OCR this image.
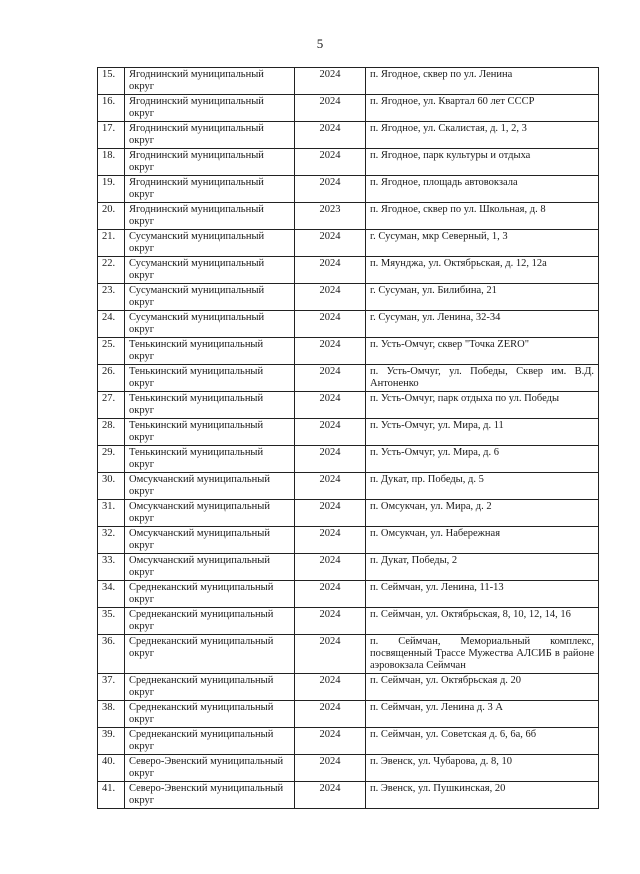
5
15.	Ягоднинский муниципальный округ	2024	п. Ягодное, сквер по ул. Ленина
16.	Ягоднинский муниципальный округ	2024	п. Ягодное, ул. Квартал 60 лет СССР
17.	Ягоднинский муниципальный округ	2024	п. Ягодное, ул. Скалистая, д. 1, 2, 3
18.	Ягоднинский муниципальный округ	2024	п. Ягодное, парк культуры и отдыха
19.	Ягоднинский муниципальный округ	2024	п. Ягодное, площадь автовокзала
20.	Ягоднинский муниципальный округ	2023	п. Ягодное, сквер по ул. Школьная, д. 8
21.	Сусуманский муниципальный округ	2024	г. Сусуман, мкр Северный, 1, 3
22.	Сусуманский муниципальный округ	2024	п. Мяунджа, ул. Октябрьская, д. 12, 12а
23.	Сусуманский муниципальный округ	2024	г. Сусуман, ул. Билибина, 21
24.	Сусуманский муниципальный округ	2024	г. Сусуман, ул. Ленина, 32-34
25.	Тенькинский муниципальный округ	2024	п. Усть-Омчуг, сквер "Точка ZERO"
26.	Тенькинский муниципальный округ	2024	п. Усть-Омчуг, ул. Победы, Сквер им. В.Д. Антоненко
27.	Тенькинский муниципальный округ	2024	п. Усть-Омчуг, парк отдыха по ул. Победы
28.	Тенькинский муниципальный округ	2024	п. Усть-Омчуг, ул. Мира, д. 11
29.	Тенькинский муниципальный округ	2024	п. Усть-Омчуг, ул. Мира, д. 6
30.	Омсукчанский муниципальный округ	2024	п. Дукат, пр. Победы, д. 5
31.	Омсукчанский муниципальный округ	2024	п. Омсукчан, ул. Мира, д. 2
32.	Омсукчанский муниципальный округ	2024	п. Омсукчан, ул. Набережная
33.	Омсукчанский муниципальный округ	2024	п. Дукат, Победы, 2
34.	Среднеканский муниципальный округ	2024	п. Сеймчан, ул. Ленина, 11-13
35.	Среднеканский муниципальный округ	2024	п. Сеймчан, ул. Октябрьская, 8, 10, 12, 14, 16
36.	Среднеканский муниципальный округ	2024	п. Сеймчан, Мемориальный комплекс, посвященный Трассе Мужества АЛСИБ в районе аэровокзала Сеймчан
37.	Среднеканский муниципальный округ	2024	п. Сеймчан, ул. Октябрьская д. 20
38.	Среднеканский муниципальный округ	2024	п. Сеймчан, ул. Ленина д. 3 А
39.	Среднеканский муниципальный округ	2024	п. Сеймчан, ул. Советская д. 6, 6а, 6б
40.	Северо-Эвенский муниципальный округ	2024	п. Эвенск, ул. Чубарова, д. 8, 10
41.	Северо-Эвенский муниципальный округ	2024	п. Эвенск, ул. Пушкинская, 20
